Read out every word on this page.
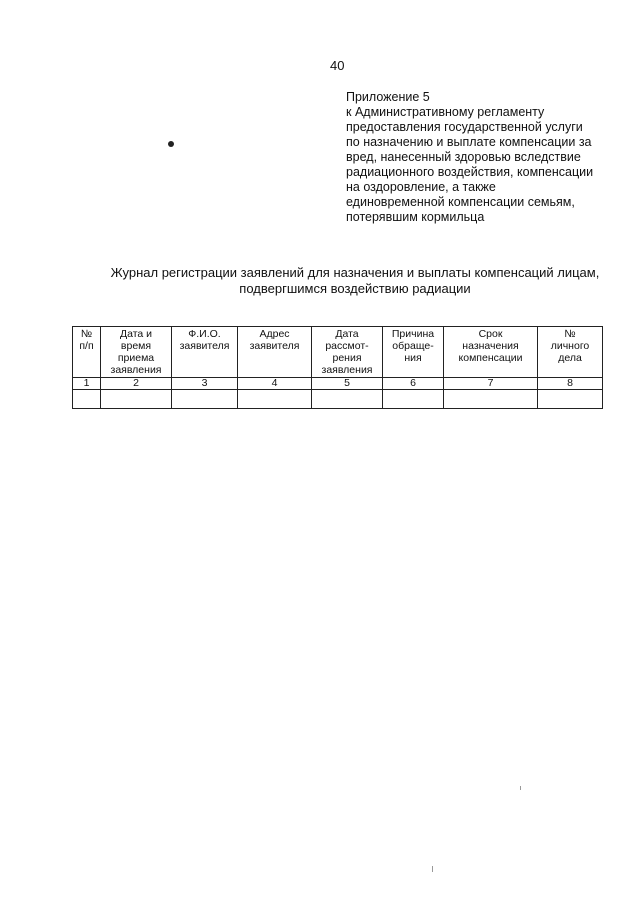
40
Приложение 5
к Административному регламенту
предоставления государственной услуги
по назначению и выплате компенсации за
вред, нанесенный здоровью вследствие
радиационного воздействия, компенсации
на оздоровление, а также
единовременной компенсации семьям,
потерявшим кормильца
Журнал регистрации заявлений для назначения и выплаты компенсаций лицам,
подвергшимся воздействию радиации
№
п/п	Дата и
время
приема
заявления	Ф.И.О.
заявителя	Адрес
заявителя	Дата
рассмот-
рения
заявления	Причина
обраще-
ния	Срок
назначения
компенсации	№
личного
дела

1	2	3	4	5	6	7	8
